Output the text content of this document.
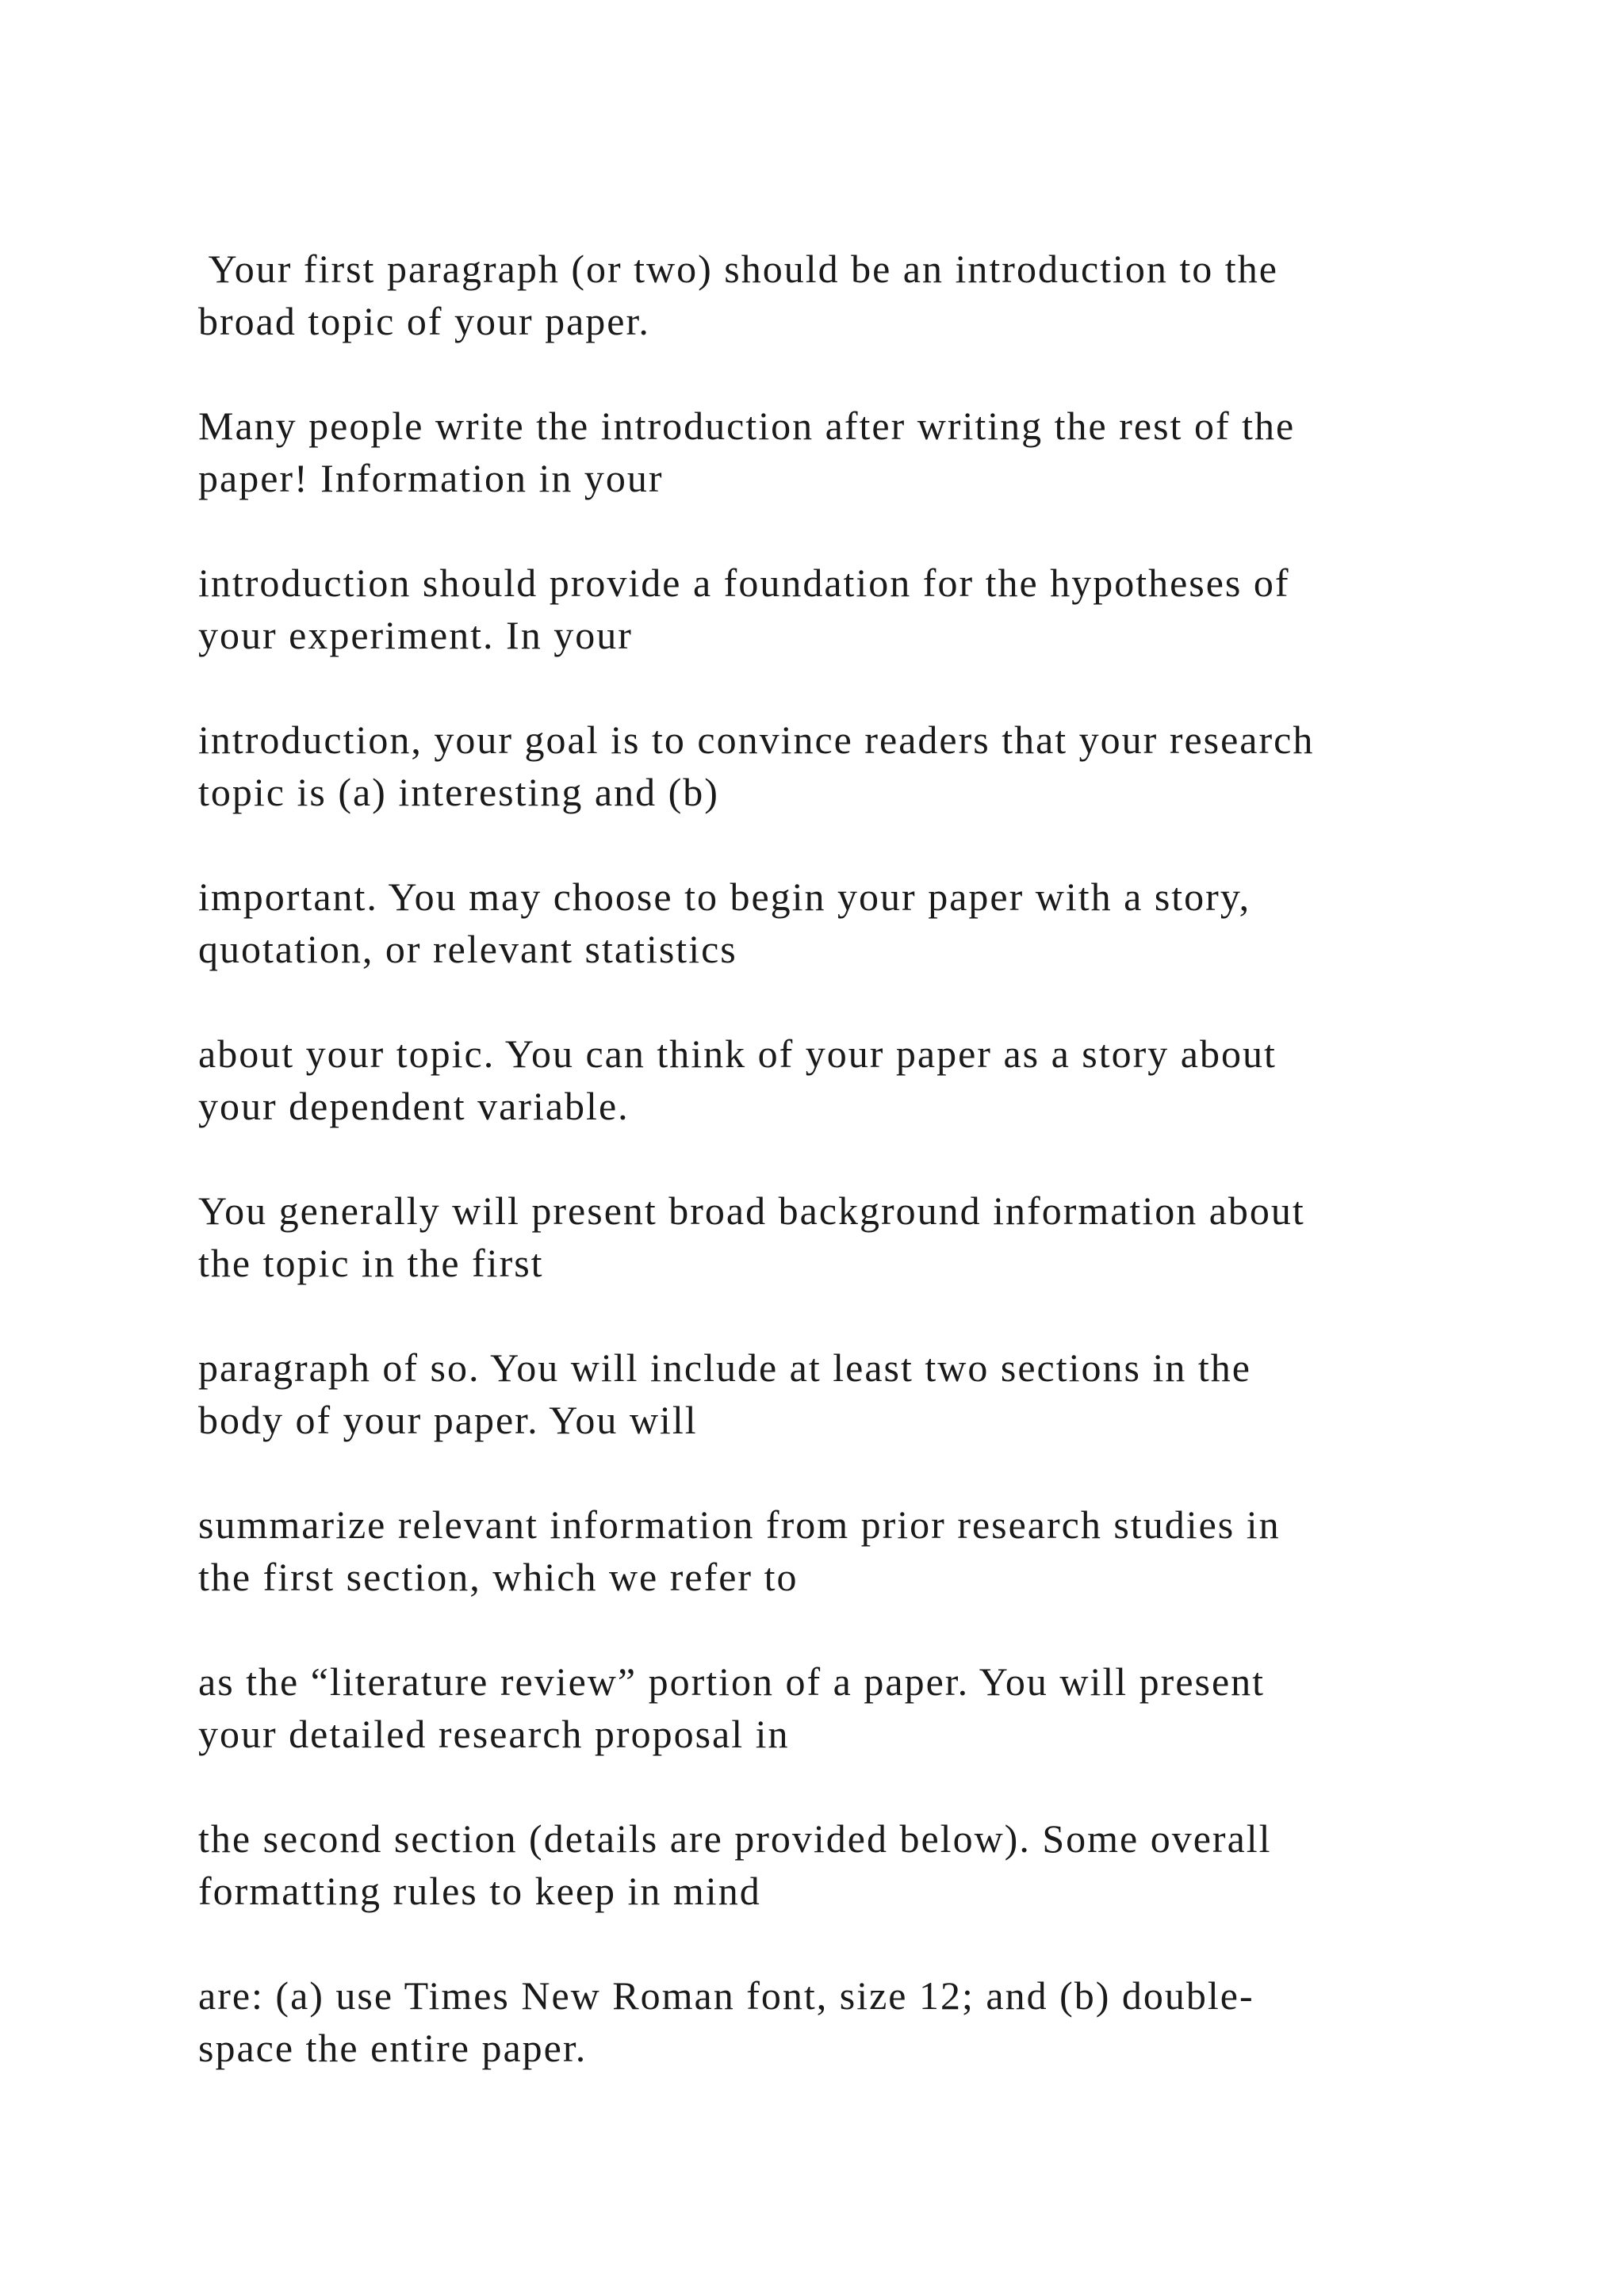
Your first paragraph (or two) should be an introduction to the
broad topic of your paper.

Many people write the introduction after writing the rest of the
paper! Information in your

introduction should provide a foundation for the hypotheses of
your experiment. In your

introduction, your goal is to convince readers that your research
topic is (a) interesting and (b)

important. You may choose to begin your paper with a story,
quotation, or relevant statistics

about your topic. You can think of your paper as a story about
your dependent variable.

You generally will present broad background information about
the topic in the first

paragraph of so. You will include at least two sections in the
body of your paper. You will

summarize relevant information from prior research studies in
the first section, which we refer to

as the “literature review” portion of a paper. You will present
your detailed research proposal in

the second section (details are provided below). Some overall
formatting rules to keep in mind

are: (a) use Times New Roman font, size 12; and (b) double-
space the entire paper.
